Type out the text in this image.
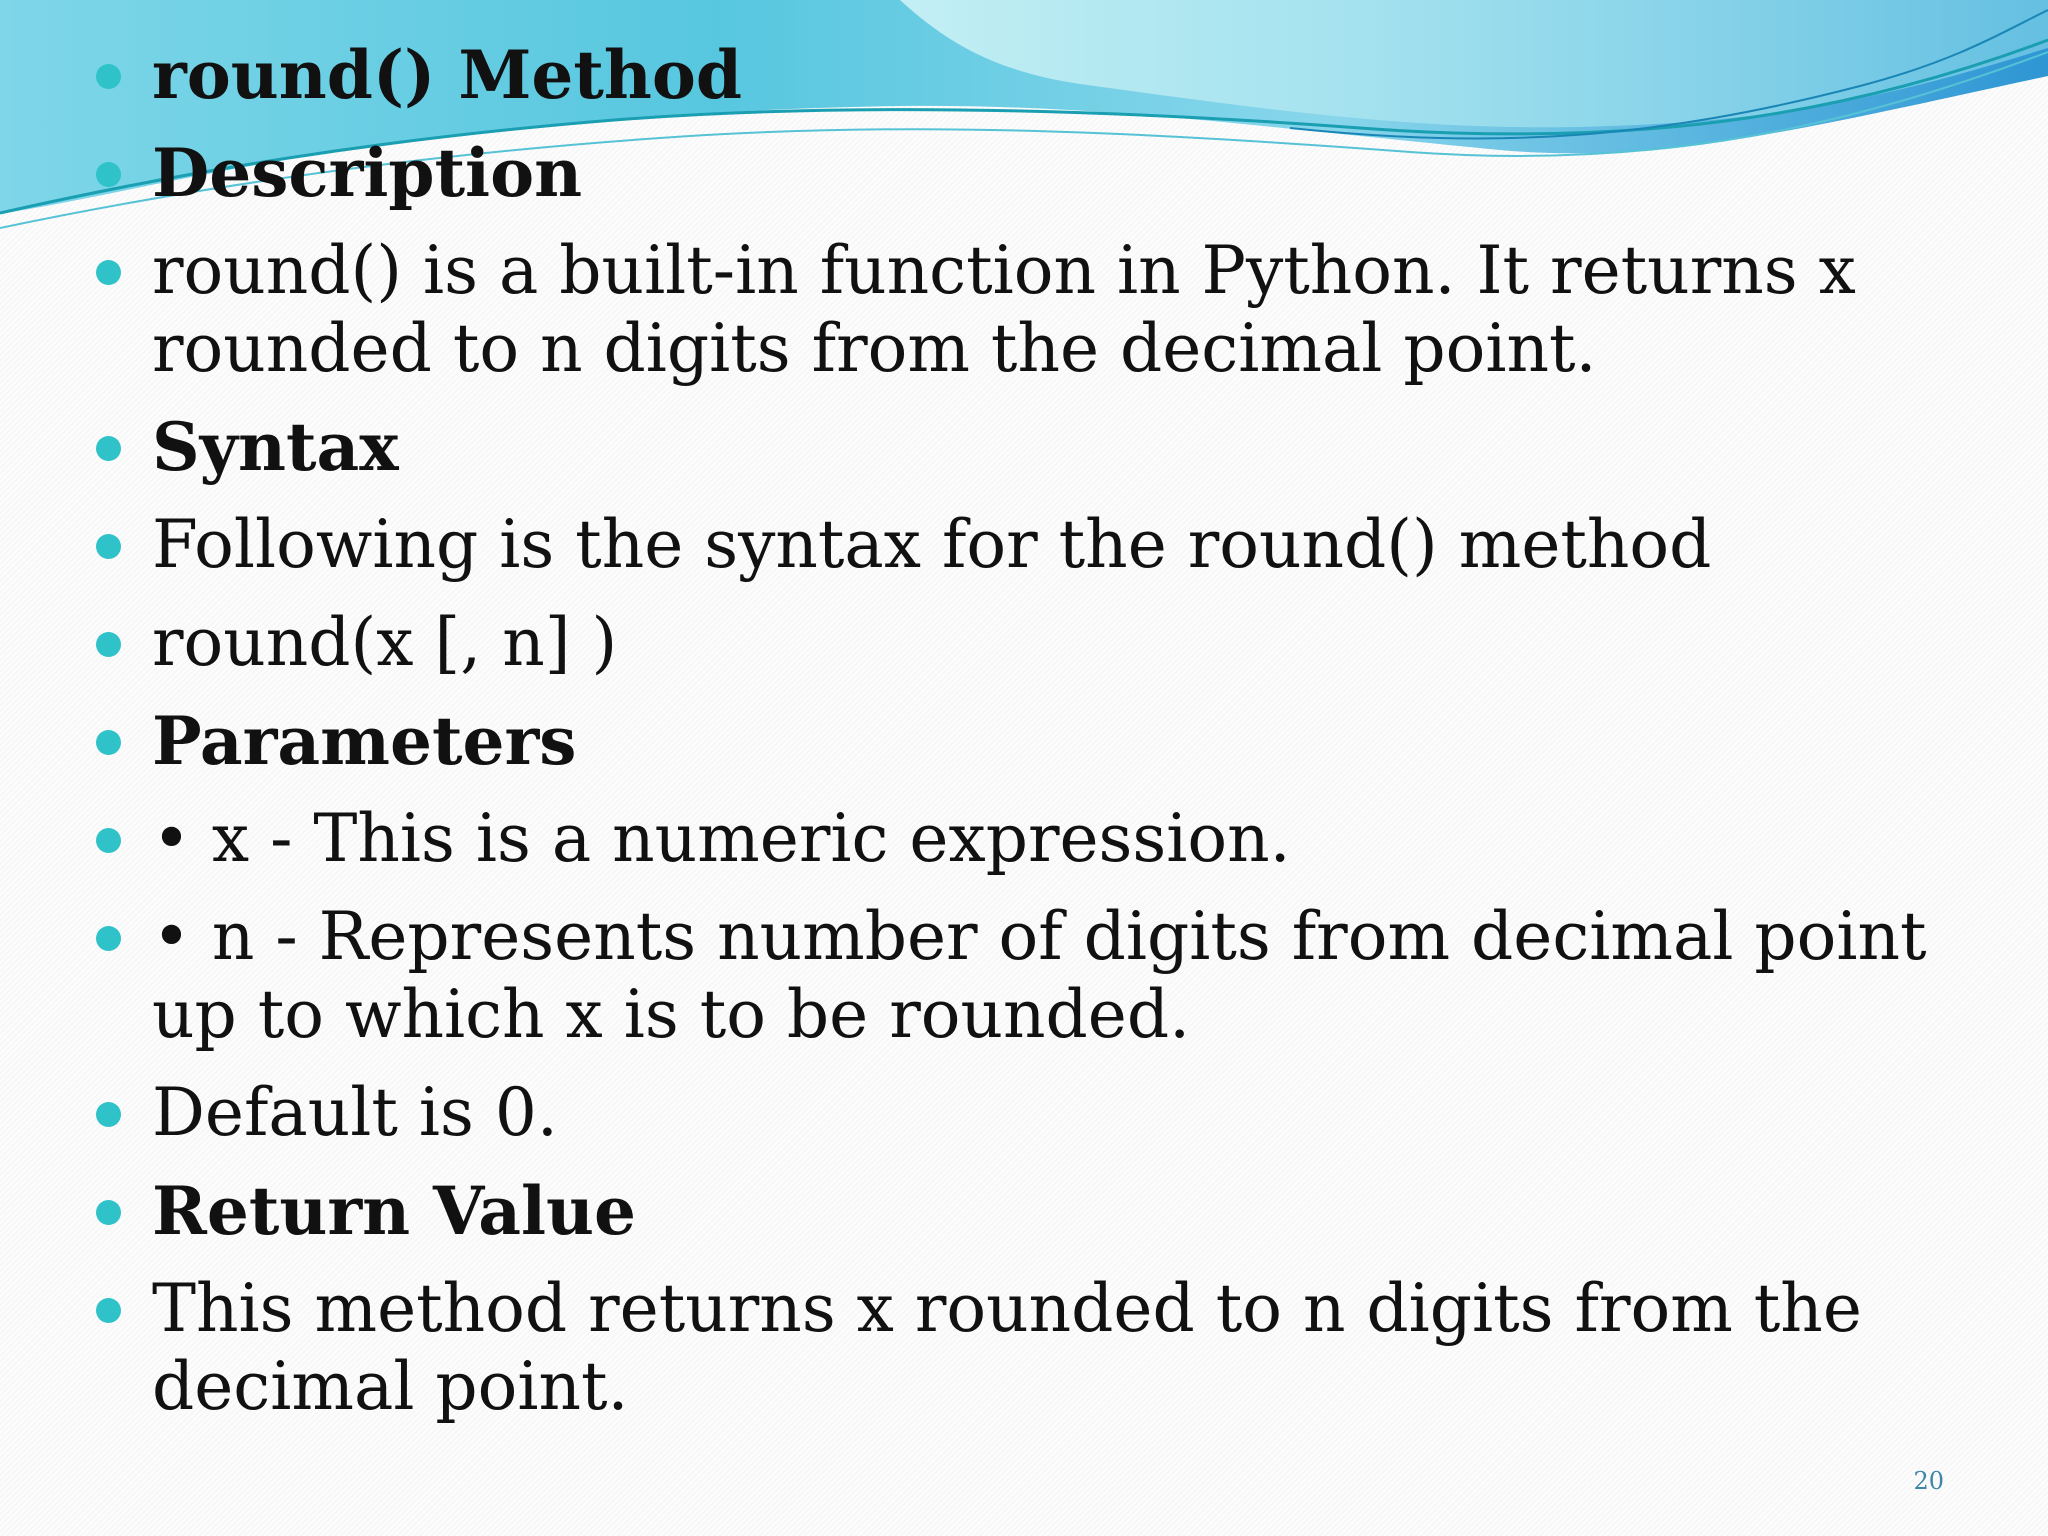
round() Method
Description
round() is a built-in function in Python. It returns x rounded to n digits from the decimal point.
Syntax
Following is the syntax for the round() method
round(x [, n] )
Parameters
• x - This is a numeric expression.
• n - Represents number of digits from decimal point up to which x is to be rounded.
Default is 0.
Return Value
This method returns x rounded to n digits from the decimal point.
20
